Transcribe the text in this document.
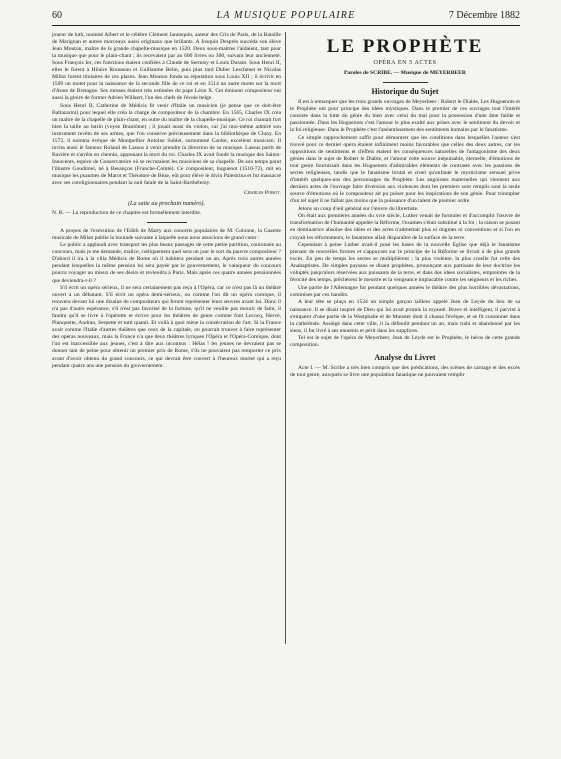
60	LA MUSIQUE POPULAIRE	7 Décembre 1882

joueur de luth, nommé Albert et le célèbre Clément Jannequin, auteur des Cris de Paris, de la Bataille de Marignan et autres morceaux aussi originaux que brillants. A Josquin Desprès succéda son élève Jean Mouton, maître de la grande chapelle-musique en 1520. Deux sous-maîtres l'aidaient, tant pour la musique que pour le plain-chant ; ils recevaient par an 600 livres ou 300, suivant leur ancienneté. Sous François Ier, ces fonctions étaient confiées à Claude de Sermisy et Louis Durant. Sous Henri II, elles le furent à Hilaire Rousseau et Guillaume Belin, puis plus tard Didier Leschenet et Nicolas Millot furent titulaires de ces places. Jean Mouton fonda sa réputation sous Louis XII ; il écrivit en 1509 un motet pour la naissance de la seconde fille de ce roi et en 1514 un autre motet sur la mort d'Anne de Bretagne. Ses messes étaient très estimées du pape Léon X. Cet éminent compositeur eut aussi la gloire de former Adrien Willaert, l'un des chefs de l'école belge.

Sous Henri II, Catherine de Médicis fit venir d'Italie un musicien (je pense que ce doit-être Baltazarini) pour lequel elle créa la charge de compositeur de la chambre. En 1565, Charles IX créa un maître de la chapelle de plain-chant, en outre du maître de la chapelle-musique. Ce roi chantait fort bien la taille au lutrin (voyez Brantôme) ; il jouait aussi du violon, car j'ai moi-même admiré son instrument revêtu de ses armes, que l'on conserve précieusement dans la bibliothèque de Cluny. En 1572, il nomma évêque de Montpellier Antoine Sublet, surnommé Cardot, excellent musicien. Il invita aussi le fameux Roland de Lassus à venir prendre la direction de sa musique. Lassus partit de Bavière et s'arrêta en chemin, apprenant la mort du roi. Charles IX avait fondé la musique des Saints-Innocents, espèce de Conservatoire où se recrutaient les musiciens de sa chapelle. De son temps parut l'illustre Goudimel, né à Besançon (Franche-Comté). Ce compositeur, huguenot (1510-72), mit en musique les psaumes de Marot et Théodore de Bèze, eût pour élève le divin Palestrina et fut massacré avec ses coreligionnaires pendant la nuit fatale de la Saint-Barthélemy.

Charles Poisot.
(La suite au prochain numéro).

N. B. — La reproduction de ce chapitre est formellement interdite.

A propos de l'exécution de l'Edith de Marty aux concerts populaires de M. Colonne, la Gazette musicale de Milan publie la boutade suivante à laquelle nous nous associons de grand cœur :

Le public a applaudi avec transport les plus beaux passages de cette petite partition, couronnée au concours, mais je me demande, malice, cœliquement quel sera un jour le sort du pauvre compositeur ? D'abord il ira à la villa Médicis de Rome où il habitera pendant un an. Après trois autres années pendant lesquelles la même pension lui sera payée par le gouvernement, le vainqueur du concours pourra voyager au mieux de ses désirs et reviendra à Paris. Mais après ces quatre années pensionnées que deviendra-t-il ?

S'il écrit un opéra sérieux, il ne sera certainement pas reçu à l'Opéra, car ce n'est pas là un théâtre ouvert à un débutant. S'il écrit un opéra demi-sérieux, ou comme l'on dit un opéra comique, il trouvera devant lui une dizaine de compositeurs qui feront représenter leurs œuvres avant lui. Donc il n'a pas d'autre espérance, s'il n'est pas favorisé de la fortune, qu'il ne veuille pas mourir de faim, il faudra qu'il se livre à l'opérette et écrive pour les théâtres de genre comme font Lecocq, Hervé, Planquette, Audran, Serpette et tutti quanti. Et voilà à quoi mène la consécration de l'art. Si la France avait comme l'Italie d'autres théâtres que ceux de la capitale, on pourrait trouver à faire représenter des opéras nouveaux, mais la France n'a que deux théâtres lyriques l'Opéra et l'Opéra-Comique, dont l'un est inaccessible aux jeunes, c'est à dire aux inconnus : Hélas ! les jeunes ne devraient pas se donner tant de peine pour obtenir un premier prix de Rome, s'ils ne pouvaient pas remporter ce prix avant d'avoir obtenu du grand concours, ce qui devrait être couvert à l'heureux mortel qui a reçu pendant quatre ans une pension du gouvernement.

LE PROPHÈTE
OPÉRA EN 5 ACTES
Paroles de SCRIBE. — Musique de MEYERBEER
Historique du Sujet

Il est à remarquer que les trois grands ouvrages de Meyerbeer : Robert le Diable, Les Huguenots et le Prophète ont pour principe des idées mystiques. Dans le premier de ces ouvrages tout l'intérêt consiste dans la lutte du génie du bien avec celui du mal pour la possession d'une âme faible et passionnée. Dans les Huguenots c'est l'amour le plus exalté aux prises avec le sentiment du devoir et la foi religieuse. Dans le Prophète c'est l'anéantissement des sentiments humains par le fanatisme.

Ce simple rapprochement suffit pour démontrer que les conditions dans lesquelles l'auteur s'est trouvé pour ce dernier opéra étaient infiniment moins favorables que celles des deux autres, car les oppositions de sentiments et d'effets étaient les conséquences naturelles de l'antagonisme des deux génies dans le sujet de Robert le Diable, et l'amour cette source inépuisable, éternelle, d'émotions de tout genre fournissait dans les Huguenots d'admirables éléments de contraste avec les passions de sectes religieuses, tandis que le fanatisme brutal et cruel qu'enfante le mysticisme sensuel prive d'intérêt quelques-uns des personnages du Prophète. Les angoisses maternelles qui viennent aux derniers actes de l'ouvrage faire diversion aux violences dont les premiers sont remplis sont la seule source d'émotions où le compositeur ait pu puiser pour les inspirations de son génie. Pour triompher d'un tel sujet il ne fallait pas moins que la puissance d'un talent de premier ordre.

Jetons un coup d'œil général sur l'œuvre du librettiste.

On était aux premières années du xvie siècle, Luther venait de formuler et d'accomplir l'œuvre de transformation de l'humanité appelée la Réforme, l'examen s'était substitué à la foi ; la raison se posant en dominatrice absolue des idées et des actes n'admettait plus ni dogmes ni conventions et si l'on en croyait les réformateurs, le fanatisme allait disparaître de la surface de la terre.

Cependant à peine Luther avait-il posé les bases de la nouvelle Eglise que déjà le fanatisme prenant de nouvelles formes et s'appuyant sur le principe de la Réforme se livrait à de plus grands excès. En peu de temps les sectes se multiplièrent ; la plus violente, la plus cruelle fut celle des Anabaptistes. De simples paysans se disant prophètes, prononçant aux partisans de leur doctrine les voluptés jusqu'alors réservées aux puissants de la terre, et dans des idées socialistes, empreintes de la férocité des temps, prêchèrent le meurtre et la vengeance implacable contre les seigneurs et les riches.

Une partie de l'Allemagne fut pendant quelques années le théâtre des plus horribles dévastations, commises par ces bandits.

A leur tête se plaça en 1534 un simple garçon tailleur appelé Jean de Leyde du lieu de sa naissance. Il se disait inspiré de Dieu qui lui avait promis la royauté. Brave et intelligent, il parvint à s'emparer d'une partie de la Westphalie et de Munster dont il chassa l'évêque, et se fit couronner dans la cathédrale. Assiégé dans cette ville, il la défendit pendant un an, mais trahi et abandonné par les siens, il fut livré à ses ennemis et périt dans les supplices.

Tel est le sujet de l'opéra de Meyerbeer, Jean de Leyde est le Prophète, le héros de cette grande composition.

Analyse du Livret

Acte I. — M. Scribe a très bien compris que des prédications, des scènes de carnage et des excès de tout genre, auxquels se livre une population fanatique ne pouvaient remplir
